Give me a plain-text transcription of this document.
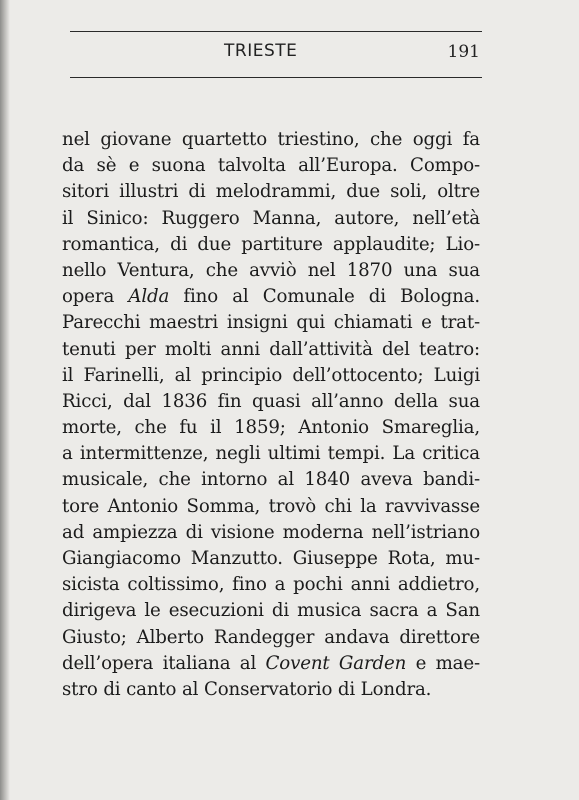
TRIESTE	191
nel giovane quartetto triestino, che oggi fa
da sè e suona talvolta all’Europa. Compo-
sitori illustri di melodrammi, due soli, oltre
il Sinico: Ruggero Manna, autore, nell’età
romantica, di due partiture applaudite; Lio-
nello Ventura, che avviò nel 1870 una sua
opera Alda fino al Comunale di Bologna.
Parecchi maestri insigni qui chiamati e trat-
tenuti per molti anni dall’attività del teatro:
il Farinelli, al principio dell’ottocento; Luigi
Ricci, dal 1836 fin quasi all’anno della sua
morte, che fu il 1859; Antonio Smareglia,
a intermittenze, negli ultimi tempi. La critica
musicale, che intorno al 1840 aveva bandi-
tore Antonio Somma, trovò chi la ravvivasse
ad ampiezza di visione moderna nell’istriano
Giangiacomo Manzutto. Giuseppe Rota, mu-
sicista coltissimo, fino a pochi anni addietro,
dirigeva le esecuzioni di musica sacra a San
Giusto; Alberto Randegger andava direttore
dell’opera italiana al Covent Garden e mae-
stro di canto al Conservatorio di Londra.
